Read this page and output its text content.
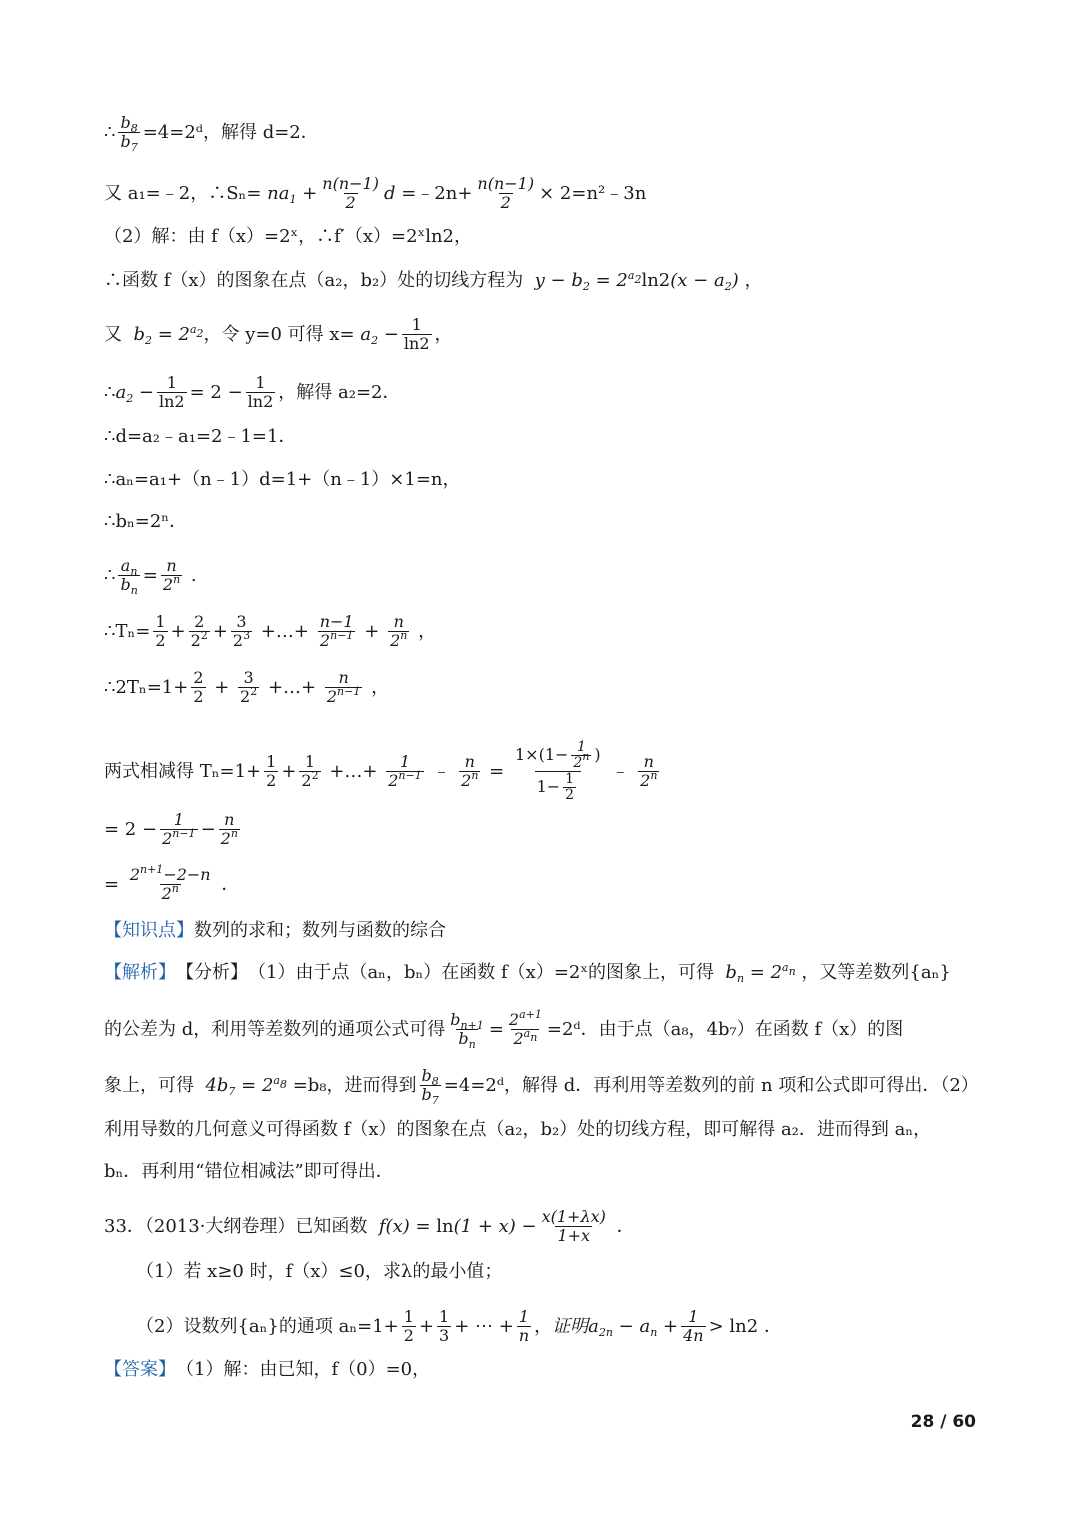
∴ $\frac{b_8}{b_7}$ =4=2ᵈ，解得 d=2．
又 a₁=﹣2，∴Sₙ= $na_1 + \frac{n(n-1)}{2}$ d =﹣2n+ $\frac{n(n-1)}{2} \times 2$ =n²﹣3n
（2）解：由 f（x）=2ˣ，∴f′（x）=2ˣln2，
∴函数 f（x）的图象在点（a₂，b₂）处的切线方程为 $y - b_2 = 2^{a_2}\ln 2(x - a_2)$ ，
又 $b_2 = 2^{a_2}$ ，令 y=0 可得 $x= a_2 - \frac{1}{\ln 2}$ ，
∴ $a_2 - \frac{1}{\ln 2} = 2 - \frac{1}{\ln 2}$ ，解得 a₂=2．
∴d=a₂﹣a₁=2﹣1=1．
∴aₙ=a₁+（n﹣1）d=1+（n﹣1）×1=n，
∴bₙ=2ⁿ．
∴ $\frac{a_n}{b_n} = \frac{n}{2^n}$ .
∴Tₙ= $\frac{1}{2} + \frac{2}{2^2} + \frac{3}{2^3}$ +…+ $\frac{n-1}{2^{n-1}} + \frac{n}{2^n}$ ，
∴2Tₙ=1+ $\frac{2}{2} + \frac{3}{2^2}$ +…+ $\frac{n}{2^{n-1}}$ ，
两式相减得 $T_n=1+ \frac{1}{2} + \frac{1}{2^2}$ +…+ $\frac{1}{2^{n-1}}$ ﹣ $\frac{n}{2^n} = \frac{1\times(1- \frac{1}{2^n} )}{1- \frac{1}{2}}$ ﹣ $\frac{n}{2^n}$
= $2 - \frac{1}{2^{n-1}} - \frac{n}{2^n}$
= $\frac{2^{n+1}-2-n}{2^n}$ ．
【知识点】 数列的求和；数列与函数的综合
【解析】 【分析】 （1）由于点（aₙ，bₙ）在函数 f（x）=2ˣ的图象上，可得 $b_n = 2^{a_n}$ ，又等差数列{aₙ}
的公差为 d，利用等差数列的通项公式可得 $\frac{b_{n+1}}{b_n} = \frac{2^{a+1}}{2^{a_n}}$ =2ᵈ．由于点（a₈，4b₇）在函数 f（x）的图
象上，可得 $4b_7 = 2^{a_8} =b_8$，进而得到 $\frac{b_8}{b_7}$ =4=2ᵈ，解得 d．再利用等差数列的前 n 项和公式即可得出．（2）
利用导数的几何意义可得函数 f（x）的图象在点（a₂，b₂）处的切线方程，即可解得 a₂．进而得到 aₙ，
bₙ．再利用“错位相减法”即可得出．
33．（2013·大纲卷理）已知函数 $f(x) = \ln(1 + x) - \frac{x(1+\lambda x)}{1+x}$ ．
（1）若 x≥0 时，f（x）≤0，求λ的最小值；
（2）设数列{aₙ}的通项 $a_n=1+ \frac{1}{2} + \frac{1}{3}$ + ⋯ + $\frac{1}{n}$ ， 证明 $a_{2n} - a_n + \frac{1}{4n} > \ln 2$ ．
【答案】 （1）解：由已知，f（0）=0，
28 / 60
